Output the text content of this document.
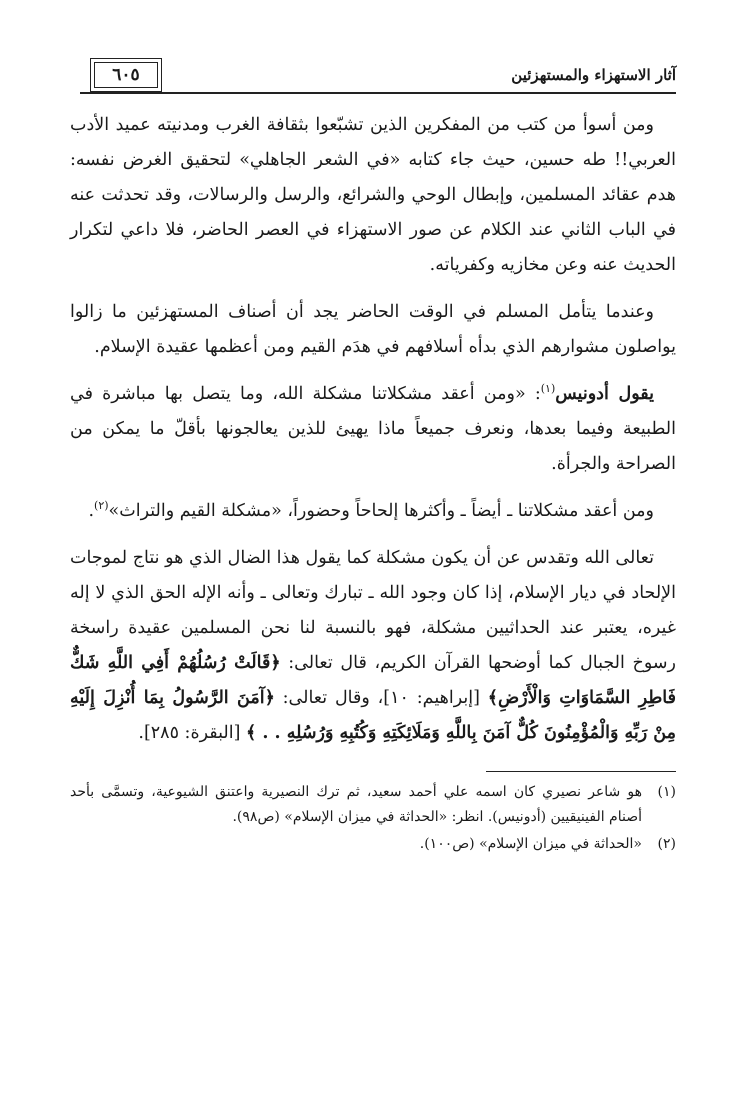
آثار الاستهزاء والمستهزئين
٦٠٥

ومن أسوأ من كتب من المفكرين الذين تشبّعوا بثقافة الغرب ومدنيته عميد الأدب العربي!! طه حسين، حيث جاء كتابه «في الشعر الجاهلي» لتحقيق الغرض نفسه: هدم عقائد المسلمين، وإبطال الوحي والشرائع، والرسل والرسالات، وقد تحدثت عنه في الباب الثاني عند الكلام عن صور الاستهزاء في العصر الحاضر، فلا داعي لتكرار الحديث عنه وعن مخازيه وكفرياته.

وعندما يتأمل المسلم في الوقت الحاضر يجد أن أصناف المستهزئين ما زالوا يواصلون مشوارهم الذي بدأه أسلافهم في هدَم القيم ومن أعظمها عقيدة الإسلام.

يقول أدونيس$^{(١)}$: «ومن أعقد مشكلاتنا مشكلة الله، وما يتصل بها مباشرة في الطبيعة وفيما بعدها، ونعرف جميعاً ماذا يهيئ للذين يعالجونها بأقلّ ما يمكن من الصراحة والجرأة.

ومن أعقد مشكلاتنا ـ أيضاً ـ وأكثرها إلحاحاً وحضوراً، «مشكلة القيم والتراث»$^{(٢)}$.

تعالى الله وتقدس عن أن يكون مشكلة كما يقول هذا الضال الذي هو نتاج لموجات الإلحاد في ديار الإسلام، إذا كان وجود الله ـ تبارك وتعالى ـ وأنه الإله الحق الذي لا إله غيره، يعتبر عند الحداثيين مشكلة، فهو بالنسبة لنا نحن المسلمين عقيدة راسخة رسوخ الجبال كما أوضحها القرآن الكريم، قال تعالى: ﴿قَالَتْ رُسُلُهُمْ أَفِي اللَّهِ شَكٌّ فَاطِرِ السَّمَاوَاتِ وَالْأَرْضِ﴾ [إبراهيم: ١٠]، وقال تعالى: ﴿آمَنَ الرَّسُولُ بِمَا أُنْزِلَ إِلَيْهِ مِنْ رَبِّهِ وَالْمُؤْمِنُونَ كُلٌّ آمَنَ بِاللَّهِ وَمَلَائِكَتِهِ وَكُتُبِهِ وَرُسُلِهِ . . ﴾ [البقرة: ٢٨٥].

(١)
هو شاعر نصيري كان اسمه علي أحمد سعيد، ثم ترك النصيرية واعتنق الشيوعية، وتسمَّى بأحد أصنام الفينيقيين (أدونيس). انظر: «الحداثة في ميزان الإسلام» (ص٩٨).
(٢)
«الحداثة في ميزان الإسلام» (ص١٠٠).
